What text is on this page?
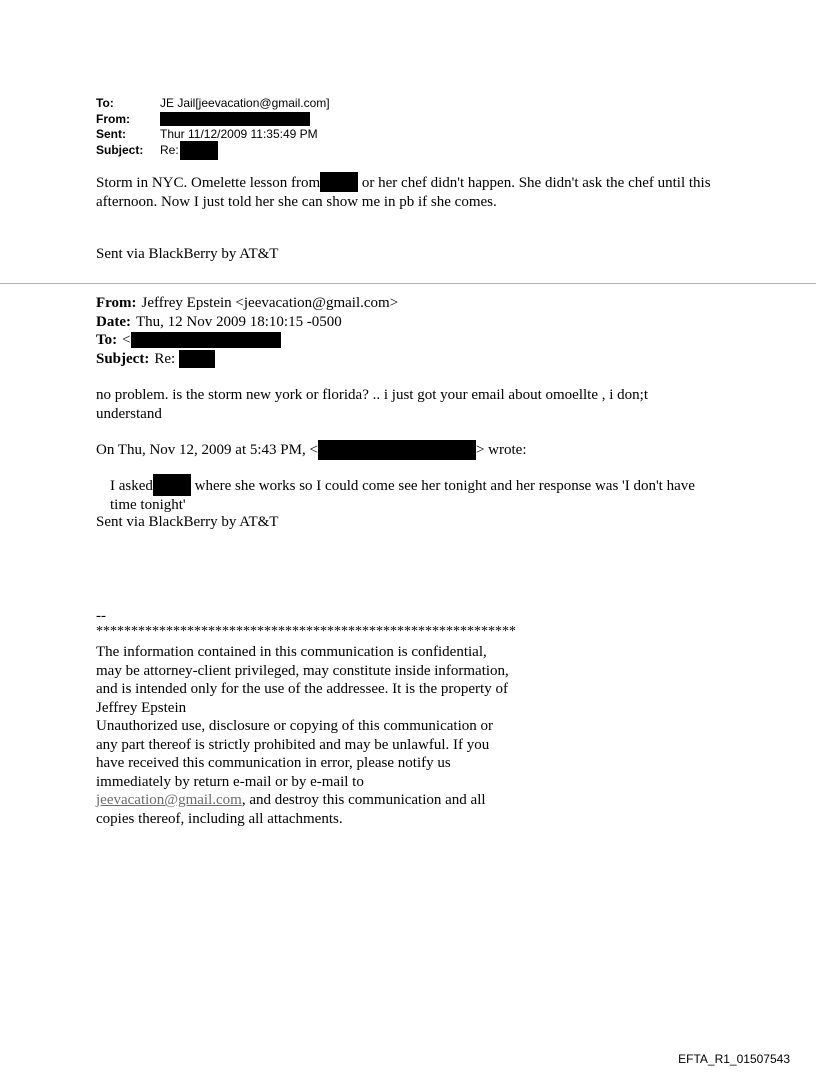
To:	JE Jail[jeevacation@gmail.com]
From:
Sent:	Thur 11/12/2009 11:35:49 PM
Subject:	Re:
Storm in NYC. Omelette lesson from	or her chef didn't happen. She didn't ask the chef until this afternoon. Now I just told her she can show me in pb if she comes.
Sent via BlackBerry by AT&T
From: Jeffrey Epstein <jeevacation@gmail.com>
Date: Thu, 12 Nov 2009 18:10:15 -0500
To: <
Subject: Re:
no problem. is the storm new york or florida? .. i just got your email about omoellte , i don;t understand
On Thu, Nov 12, 2009 at 5:43 PM, <	> wrote:
I asked	where she works so I could come see her tonight and her response was 'I don't have time tonight'
Sent via BlackBerry by AT&T
--
************************************************************
The information contained in this communication is confidential, may be attorney-client privileged, may constitute inside information, and is intended only for the use of the addressee. It is the property of
Jeffrey Epstein
Unauthorized use, disclosure or copying of this communication or any part thereof is strictly prohibited and may be unlawful. If you have received this communication in error, please notify us immediately by return e-mail or by e-mail to jeevacation@gmail.com, and destroy this communication and all copies thereof, including all attachments.
EFTA_R1_01507543
